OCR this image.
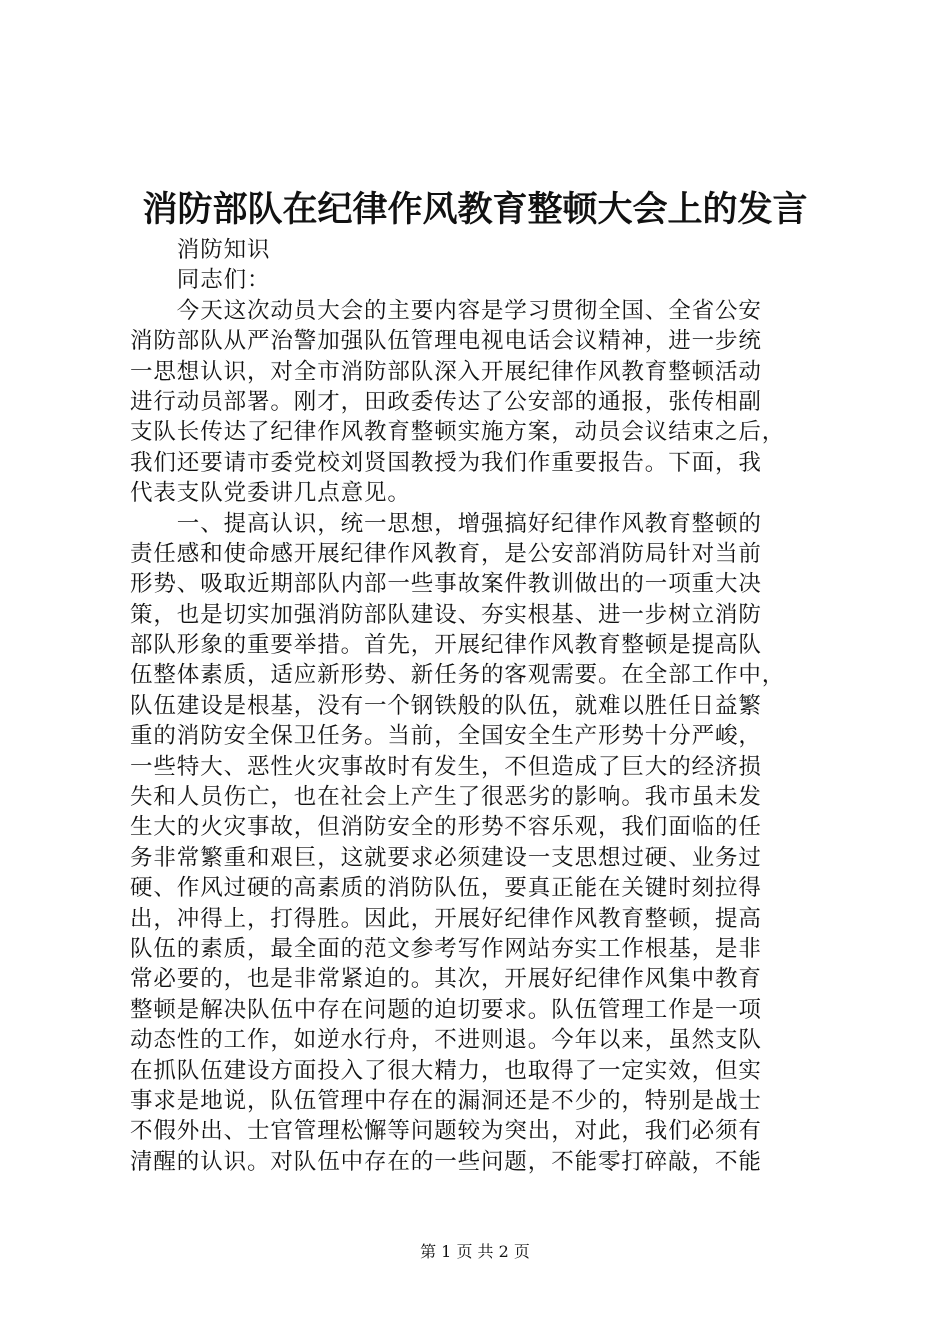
消防部队在纪律作风教育整顿大会上的发言
　　消防知识
　　同志们：
　　今天这次动员大会的主要内容是学习贯彻全国、全省公安
消防部队从严治警加强队伍管理电视电话会议精神，进一步统
一思想认识，对全市消防部队深入开展纪律作风教育整顿活动
进行动员部署。刚才，田政委传达了公安部的通报，张传相副
支队长传达了纪律作风教育整顿实施方案，动员会议结束之后，
我们还要请市委党校刘贤国教授为我们作重要报告。下面，我
代表支队党委讲几点意见。
　　一、提高认识，统一思想，增强搞好纪律作风教育整顿的
责任感和使命感开展纪律作风教育，是公安部消防局针对当前
形势、吸取近期部队内部一些事故案件教训做出的一项重大决
策，也是切实加强消防部队建设、夯实根基、进一步树立消防
部队形象的重要举措。首先，开展纪律作风教育整顿是提高队
伍整体素质，适应新形势、新任务的客观需要。在全部工作中，
队伍建设是根基，没有一个钢铁般的队伍，就难以胜任日益繁
重的消防安全保卫任务。当前，全国安全生产形势十分严峻，
一些特大、恶性火灾事故时有发生，不但造成了巨大的经济损
失和人员伤亡，也在社会上产生了很恶劣的影响。我市虽未发
生大的火灾事故，但消防安全的形势不容乐观，我们面临的任
务非常繁重和艰巨，这就要求必须建设一支思想过硬、业务过
硬、作风过硬的高素质的消防队伍，要真正能在关键时刻拉得
出，冲得上，打得胜。因此，开展好纪律作风教育整顿，提高
队伍的素质，最全面的范文参考写作网站夯实工作根基，是非
常必要的，也是非常紧迫的。其次，开展好纪律作风集中教育
整顿是解决队伍中存在问题的迫切要求。队伍管理工作是一项
动态性的工作，如逆水行舟，不进则退。今年以来，虽然支队
在抓队伍建设方面投入了很大精力，也取得了一定实效，但实
事求是地说，队伍管理中存在的漏洞还是不少的，特别是战士
不假外出、士官管理松懈等问题较为突出，对此，我们必须有
清醒的认识。对队伍中存在的一些问题，不能零打碎敲，不能
第 1 页 共 2 页
